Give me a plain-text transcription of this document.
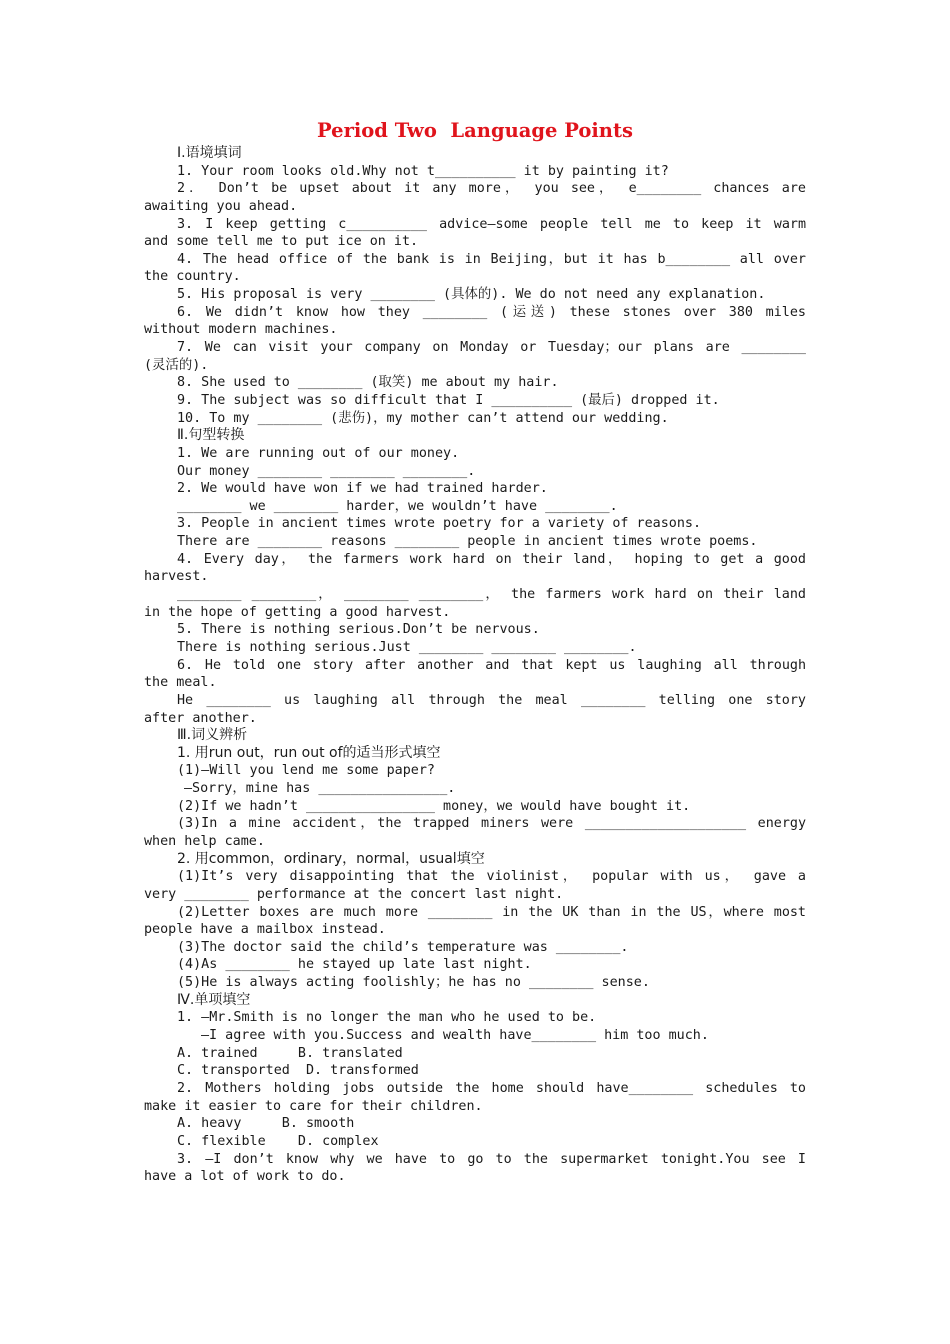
Period Two  Language Points
Ⅰ.语境填词
1. Your room looks old.Why not t̲_________ it by painting it?
2． Don’t be upset about it any more， you see， e̲_______ chances are
awaiting you ahead.
3. I keep getting c̲_________ advice—some people tell me to keep it warm
and some tell me to put ice on it.
4. The head office of the bank is in Beijing，but it has b̲_______ all over
the country.
5. His proposal is very ________ (具体的). We do not need any explanation.
6. We didn’t know how they ________ (运送) these stones over 380 miles
without modern machines.
7. We can visit your company on Monday or Tuesday；our plans are ________
(灵活的).
8. She used to ________ (取笑) me about my hair.
9. The subject was so difficult that I __________ (最后) dropped it.
10. To my ________ (悲伤)，my mother can’t attend our wedding.
Ⅱ.句型转换
1. We are running out of our money.
Our money ________ ________ ________.
2. We would have won if we had trained harder.
________ we ________ harder，we wouldn’t have ________.
3. People in ancient times wrote poetry for a variety of reasons.
There are ________ reasons ________ people in ancient times wrote poems.
4. Every day， the farmers work hard on their land， hoping to get a good
harvest.
________ ________， ________ ________， the farmers work hard on their land
in the hope of getting a good harvest.
5. There is nothing serious.Don’t be nervous.
There is nothing serious.Just ________ ________ ________.
6. He told one story after another and that kept us laughing all through
the meal.
He ________ us laughing all through the meal ________ telling one story
after another.
Ⅲ.词义辨析
1. 用run out，run out of的适当形式填空
(1)—Will you lend me some paper?
—Sorry，mine has ________________.
(2)If we hadn’t ________________ money，we would have bought it.
(3)In a mine accident，the trapped miners were ____________________ energy
when help came.
2. 用common，ordinary，normal，usual填空
(1)It’s very disappointing that the violinist， popular with us， gave a
very ________ performance at the concert last night.
(2)Letter boxes are much more ________ in the UK than in the US，where most
people have a mailbox instead.
(3)The doctor said the child’s temperature was ________.
(4)As ________ he stayed up late last night.
(5)He is always acting foolishly；he has no ________ sense.
Ⅳ.单项填空
1. —Mr.Smith is no longer the man who he used to be.
—I agree with you.Success and wealth have________ him too much.
A. trained     B. translated
C. transported  D. transformed
2. Mothers holding jobs outside the home should have________ schedules to
make it easier to care for their children.
A. heavy     B. smooth
C. flexible    D. complex
3. —I don’t know why we have to go to the supermarket tonight.You see I
have a lot of work to do.
